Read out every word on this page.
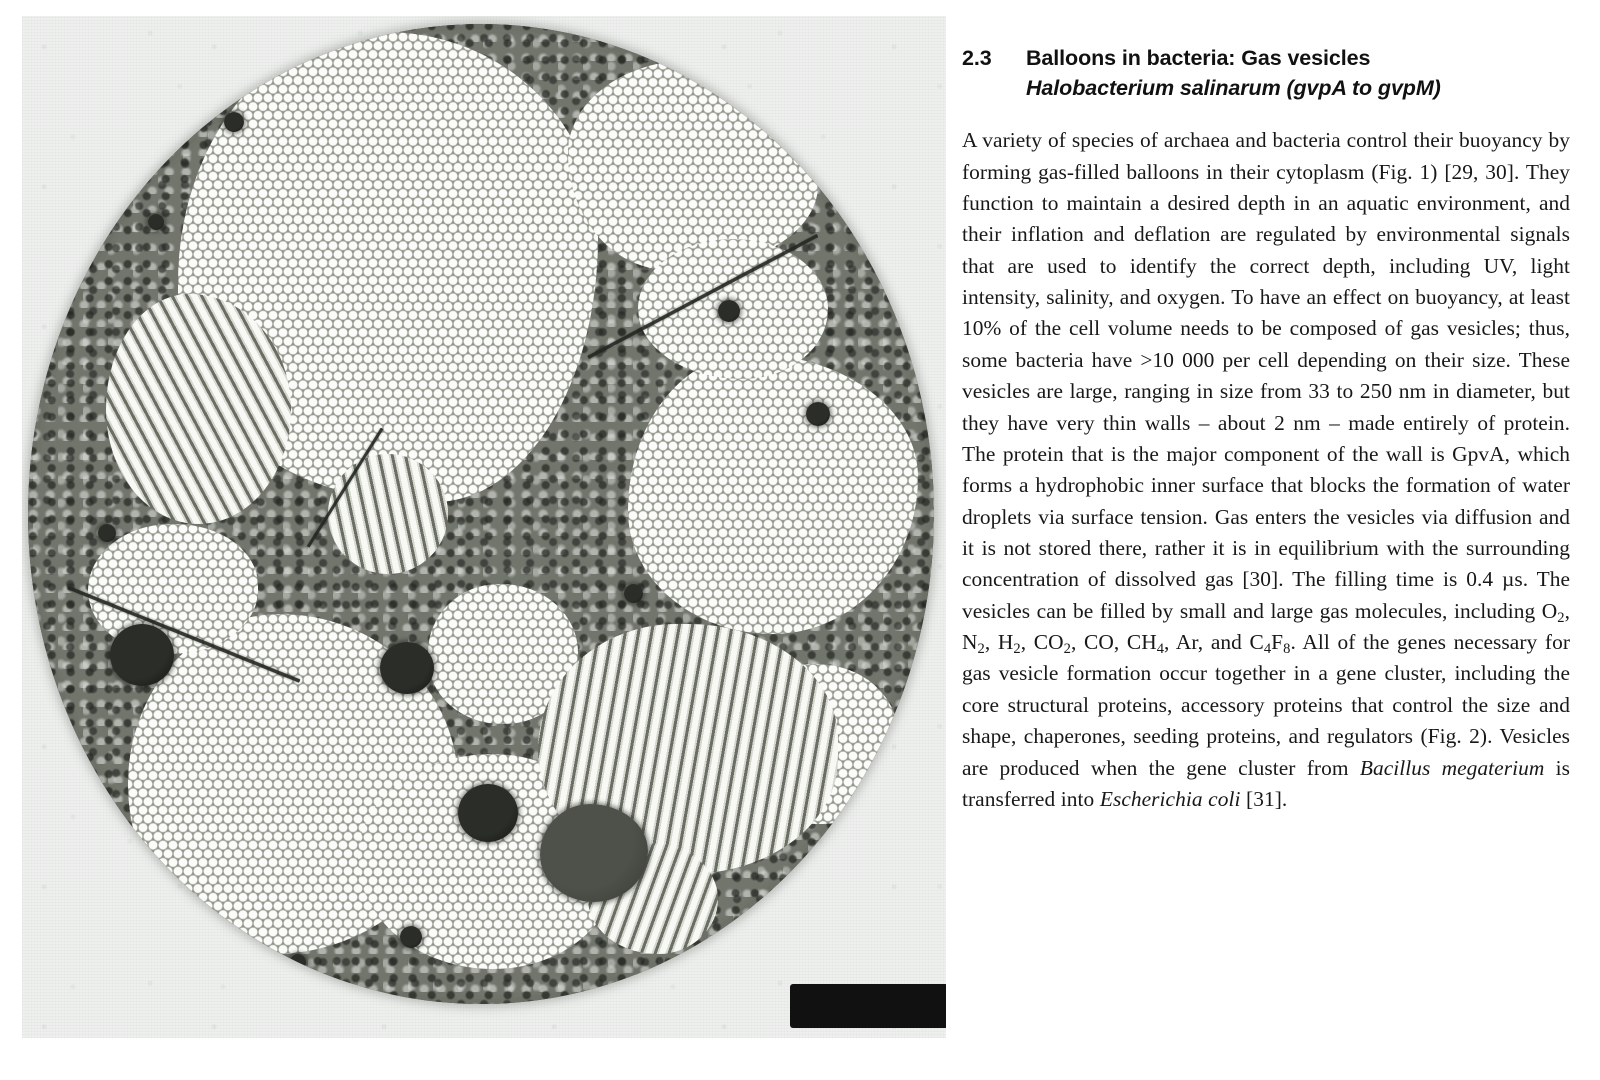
2.3	Balloons in bacteria: Gas vesicles
Halobacterium salinarum (gvpA to gvpM)

A variety of species of archaea and bacteria control their buoyancy by forming gas-filled balloons in their cytoplasm (Fig. 1) [29, 30]. They function to maintain a desired depth in an aquatic environment, and their inflation and deflation are regulated by environmental signals that are used to identify the correct depth, including UV, light intensity, salinity, and oxygen. To have an effect on buoyancy, at least 10% of the cell volume needs to be composed of gas vesicles; thus, some bacteria have >10 000 per cell depending on their size. These vesicles are large, ranging in size from 33 to 250 nm in diameter, but they have very thin walls – about 2 nm – made entirely of protein. The protein that is the major component of the wall is GpvA, which forms a hydrophobic inner surface that blocks the formation of water droplets via surface tension. Gas enters the vesicles via diffusion and it is not stored there, rather it is in equilibrium with the surrounding concentration of dissolved gas [30]. The filling time is 0.4 µs. The vesicles can be filled by small and large gas molecules, including $O_2$, $N_2$, $H_2$, $CO_2$, CO, $CH_4$, Ar, and $C_4F_8$. All of the genes necessary for gas vesicle formation occur together in a gene cluster, including the core structural proteins, accessory proteins that control the size and shape, chaperones, seeding proteins, and regulators (Fig. 2). Vesicles are produced when the gene cluster from Bacillus megaterium is transferred into Escherichia coli [31].
